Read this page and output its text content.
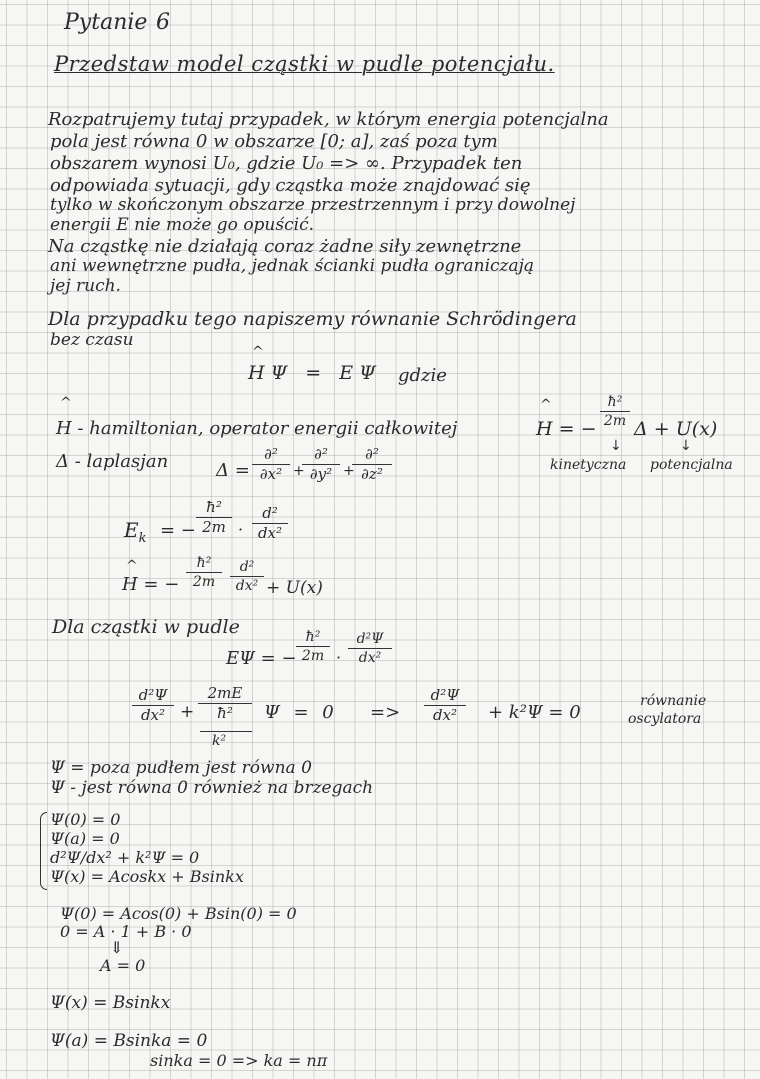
Pytanie 6
Przedstaw model cząstki w pudle potencjału.
Rozpatrujemy tutaj przypadek, w którym energia potencjalna
pola jest równa 0 w obszarze [0; a], zaś poza tym
obszarem wynosi U₀, gdzie U₀ => ∞. Przypadek ten
odpowiada sytuacji, gdy cząstka może znajdować się
tylko w skończonym obszarze przestrzennym i przy dowolnej
energii E nie może go opuścić.
Na cząstkę nie działają coraz żadne siły zewnętrzne
ani wewnętrzne pudła, jednak ścianki pudła ograniczają
jej ruch.
Dla przypadku tego napiszemy równanie Schrödingera
bez czasu
^
HΨ = EΨ gdzie
^
H - hamiltonian, operator energii całkowitej
^
H = −
ħ²
2m Δ + U(x)
↓	↓
kinetyczna potencjalna
Δ - laplasjan	Δ =
∂²
∂x² +
∂²
∂y² +
∂²
∂z²
$E_k$ = −
ħ²
2m ·
d²
dx²
^
H = −
ħ²
2m
d²
dx² + U(x)
Dla cząstki w pudle
EΨ = −
ħ²
2m ·
d²Ψ
dx²
d²Ψ
dx² +
2mE
ħ²	Ψ = 0
k²
=>
d²Ψ
dx²	+ k²Ψ = 0
równanie
oscylatora
Ψ = poza pudłem jest równa 0
Ψ - jest równa 0 również na brzegach
Ψ(0) = 0
Ψ(a) = 0
d²Ψ/dx² + k²Ψ = 0
Ψ(x) = Acoskx + Bsinkx
Ψ(0) = Acos(0) + Bsin(0) = 0
0 = A · 1 + B · 0
⇓
A = 0
Ψ(x) = Bsinkx
Ψ(a) = Bsinka = 0
sinka = 0 => ka = nπ
